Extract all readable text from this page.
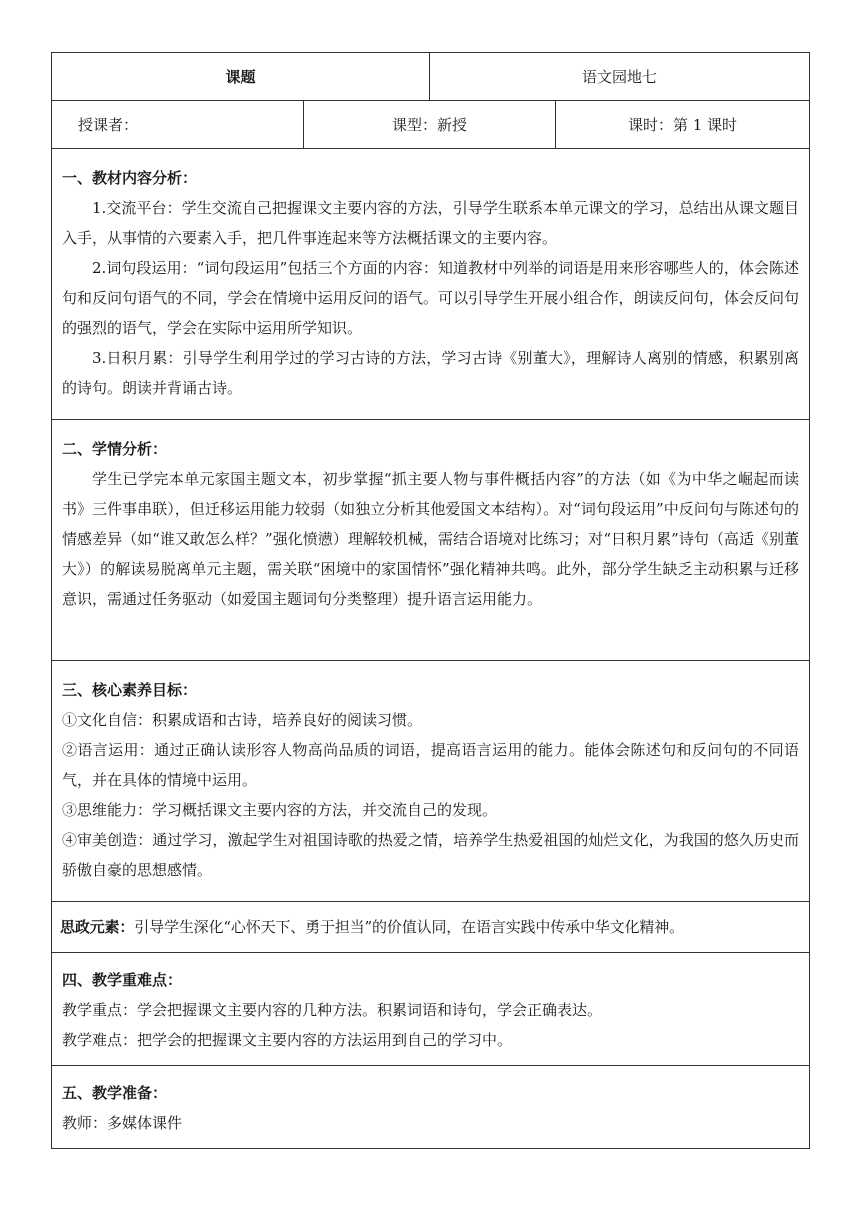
课题		语文园地七	
授课者：	课型：新授		课时：第 1 课时

一、教材内容分析：

1.交流平台：学生交流自己把握课文主要内容的方法，引导学生联系本单元课文的学习，总结出从课文题目入手，从事情的六要素入手，把几件事连起来等方法概括课文的主要内容。

2.词句段运用：“词句段运用”包括三个方面的内容：知道教材中列举的词语是用来形容哪些人的，体会陈述句和反问句语气的不同，学会在情境中运用反问的语气。可以引导学生开展小组合作，朗读反问句，体会反问句的强烈的语气，学会在实际中运用所学知识。

3.日积月累：引导学生利用学过的学习古诗的方法，学习古诗《别董大》，理解诗人离别的情感，积累别离的诗句。朗读并背诵古诗。			

二、学情分析：

学生已学完本单元家国主题文本，初步掌握“抓主要人物与事件概括内容”的方法（如《为中华之崛起而读书》三件事串联），但迁移运用能力较弱（如独立分析其他爱国文本结构）。对“词句段运用”中反问句与陈述句的情感差异（如“谁又敢怎么样？”强化愤懑）理解较机械，需结合语境对比练习；对“日积月累”诗句（高适《别董大》）的解读易脱离单元主题，需关联“困境中的家国情怀”强化精神共鸣。此外，部分学生缺乏主动积累与迁移意识，需通过任务驱动（如爱国主题词句分类整理）提升语言运用能力。			

三、核心素养目标：

①文化自信：积累成语和古诗，培养良好的阅读习惯。

②语言运用：通过正确认读形容人物高尚品质的词语，提高语言运用的能力。能体会陈述句和反问句的不同语气，并在具体的情境中运用。

③思维能力：学习概括课文主要内容的方法，并交流自己的发现。

④审美创造：通过学习，激起学生对祖国诗歌的热爱之情，培养学生热爱祖国的灿烂文化，为我国的悠久历史而骄傲自豪的思想感情。			

思政元素：引导学生深化“心怀天下、勇于担当”的价值认同，在语言实践中传承中华文化精神。			

四、教学重难点：

教学重点：学会把握课文主要内容的几种方法。积累词语和诗句，学会正确表达。

教学难点：把学会的把握课文主要内容的方法运用到自己的学习中。			

五、教学准备：

教师：多媒体课件			
